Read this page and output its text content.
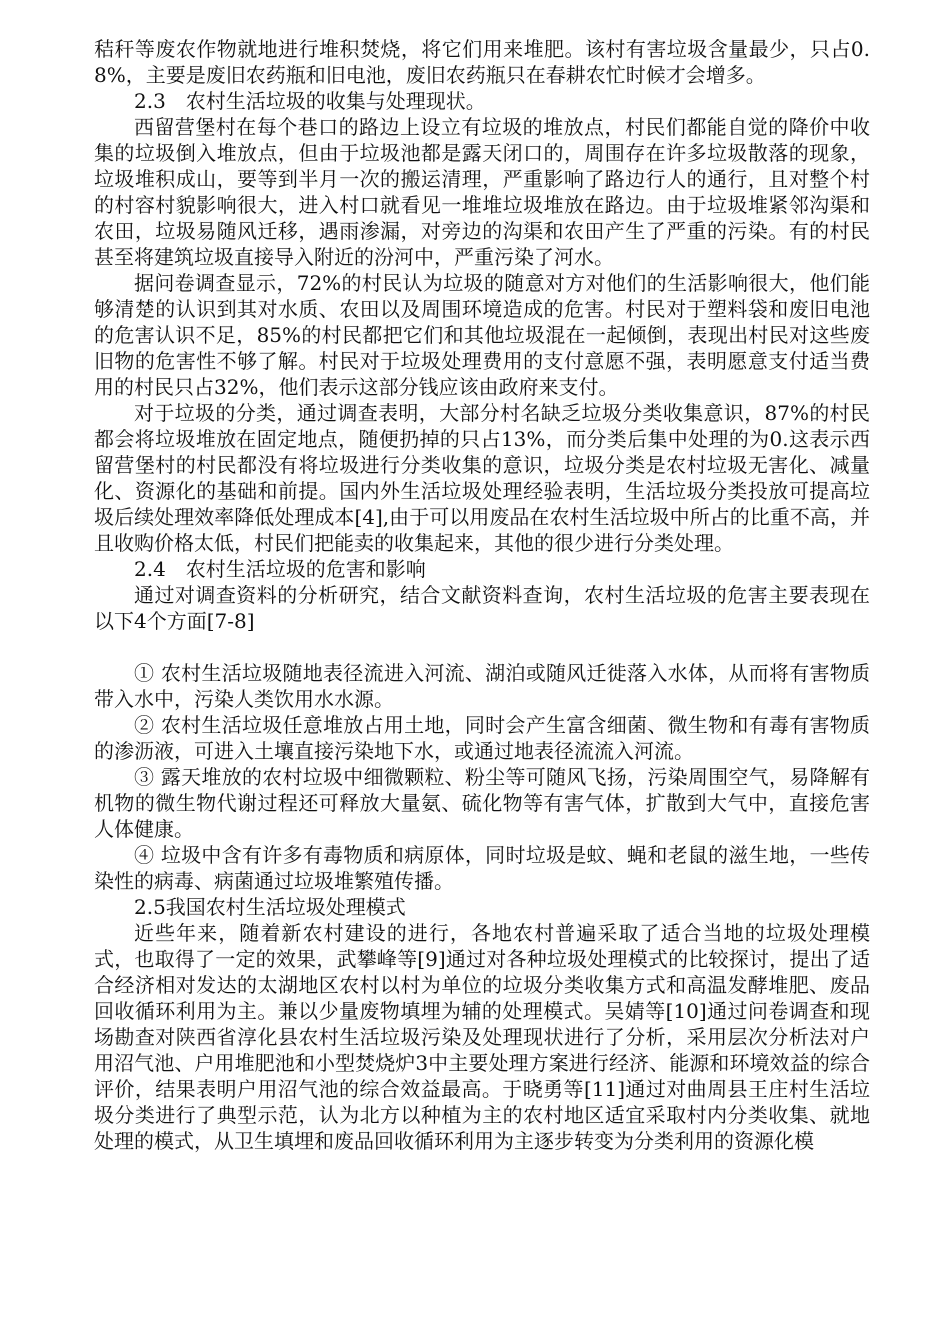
秸秆等废农作物就地进行堆积焚烧，将它们用来堆肥。该村有害垃圾含量最少，只占0.8%，主要是废旧农药瓶和旧电池，废旧农药瓶只在春耕农忙时候才会增多。

2.3　农村生活垃圾的收集与处理现状。

西留营堡村在每个巷口的路边上设立有垃圾的堆放点，村民们都能自觉的降价中收集的垃圾倒入堆放点，但由于垃圾池都是露天闭口的，周围存在许多垃圾散落的现象，垃圾堆积成山，要等到半月一次的搬运清理，严重影响了路边行人的通行，且对整个村的村容村貌影响很大，进入村口就看见一堆堆垃圾堆放在路边。由于垃圾堆紧邻沟渠和农田，垃圾易随风迁移，遇雨渗漏，对旁边的沟渠和农田产生了严重的污染。有的村民甚至将建筑垃圾直接导入附近的汾河中，严重污染了河水。

据问卷调查显示，72%的村民认为垃圾的随意对方对他们的生活影响很大，他们能够清楚的认识到其对水质、农田以及周围环境造成的危害。村民对于塑料袋和废旧电池的危害认识不足，85%的村民都把它们和其他垃圾混在一起倾倒，表现出村民对这些废旧物的危害性不够了解。村民对于垃圾处理费用的支付意愿不强，表明愿意支付适当费用的村民只占32%，他们表示这部分钱应该由政府来支付。

对于垃圾的分类，通过调查表明，大部分村名缺乏垃圾分类收集意识，87%的村民都会将垃圾堆放在固定地点，随便扔掉的只占13%，而分类后集中处理的为0.这表示西留营堡村的村民都没有将垃圾进行分类收集的意识，垃圾分类是农村垃圾无害化、减量化、资源化的基础和前提。国内外生活垃圾处理经验表明，生活垃圾分类投放可提高垃圾后续处理效率降低处理成本[4],由于可以用废品在农村生活垃圾中所占的比重不高，并且收购价格太低，村民们把能卖的收集起来，其他的很少进行分类处理。

2.4　农村生活垃圾的危害和影响

通过对调查资料的分析研究，结合文献资料查询，农村生活垃圾的危害主要表现在以下4个方面[7-8]

① 农村生活垃圾随地表径流进入河流、湖泊或随风迁徙落入水体，从而将有害物质带入水中，污染人类饮用水水源。

② 农村生活垃圾任意堆放占用土地，同时会产生富含细菌、微生物和有毒有害物质的渗沥液，可进入土壤直接污染地下水，或通过地表径流流入河流。

③ 露天堆放的农村垃圾中细微颗粒、粉尘等可随风飞扬，污染周围空气，易降解有机物的微生物代谢过程还可释放大量氨、硫化物等有害气体，扩散到大气中，直接危害人体健康。

④ 垃圾中含有许多有毒物质和病原体，同时垃圾是蚊、蝇和老鼠的滋生地，一些传染性的病毒、病菌通过垃圾堆繁殖传播。

2.5我国农村生活垃圾处理模式

近些年来，随着新农村建设的进行，各地农村普遍采取了适合当地的垃圾处理模式，也取得了一定的效果，武攀峰等[9]通过对各种垃圾处理模式的比较探讨，提出了适合经济相对发达的太湖地区农村以村为单位的垃圾分类收集方式和高温发酵堆肥、废品回收循环利用为主。兼以少量废物填埋为辅的处理模式。吴婧等[10]通过问卷调查和现场勘查对陕西省淳化县农村生活垃圾污染及处理现状进行了分析，采用层次分析法对户用沼气池、户用堆肥池和小型焚烧炉3中主要处理方案进行经济、能源和环境效益的综合评价，结果表明户用沼气池的综合效益最高。于晓勇等[11]通过对曲周县王庄村生活垃圾分类进行了典型示范，认为北方以种植为主的农村地区适宜采取村内分类收集、就地处理的模式，从卫生填埋和废品回收循环利用为主逐步转变为分类利用的资源化模
